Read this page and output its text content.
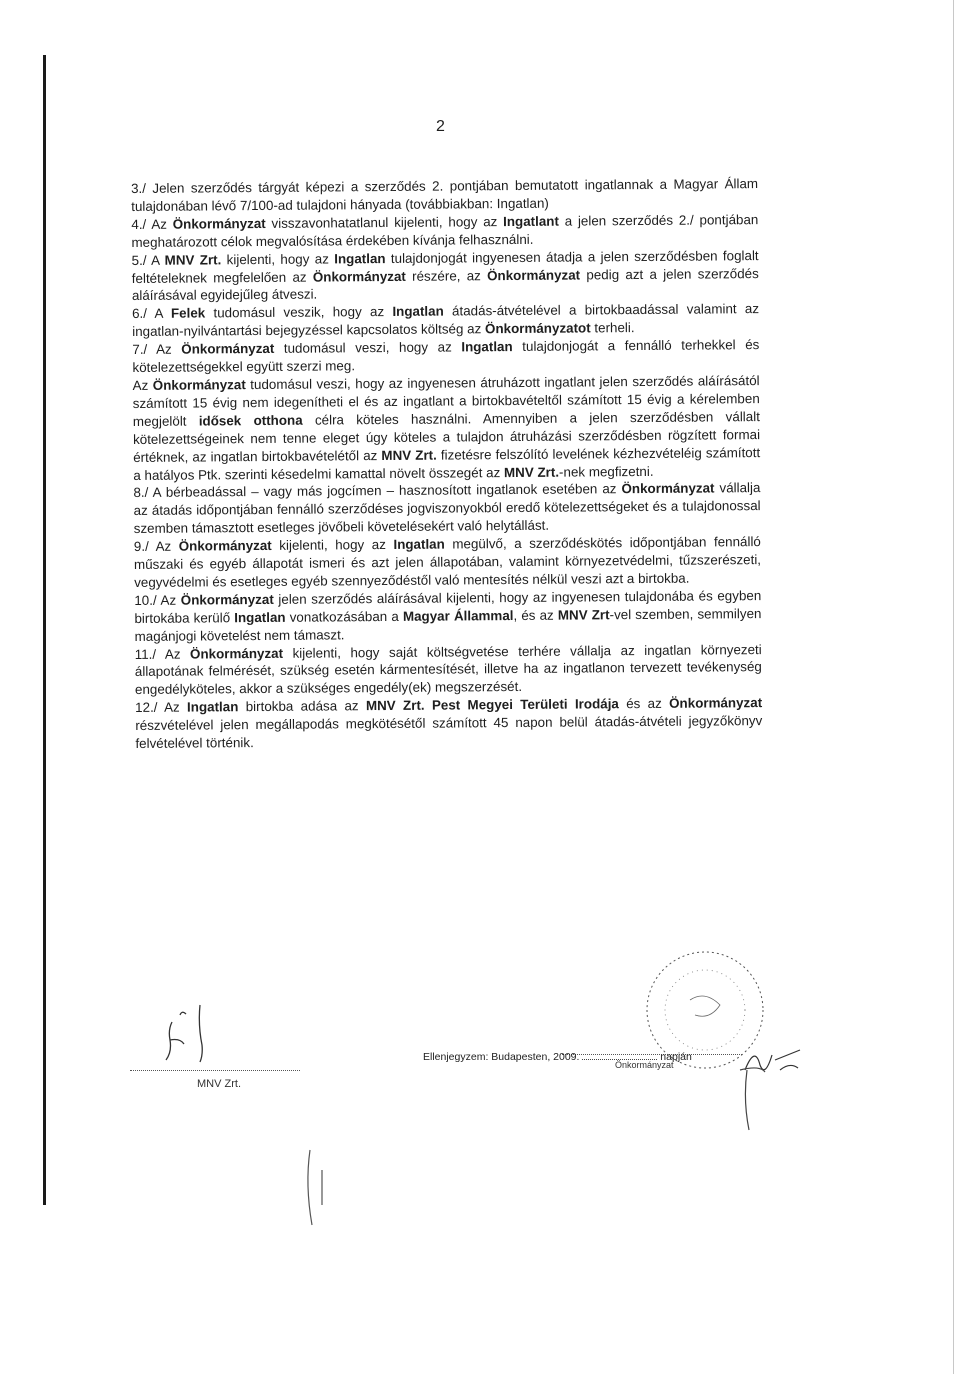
2

3./ Jelen szerződés tárgyát képezi a szerződés 2. pontjában bemutatott ingatlannak a Magyar Állam tulajdonában lévő 7/100-ad tulajdoni hányada (továbbiakban: Ingatlan)

4./ Az Önkormányzat visszavonhatatlanul kijelenti, hogy az Ingatlant a jelen szerződés 2./ pontjában meghatározott célok megvalósítása érdekében kívánja felhasználni.

5./ A MNV Zrt. kijelenti, hogy az Ingatlan tulajdonjogát ingyenesen átadja a jelen szerződésben foglalt feltételeknek megfelelően az Önkormányzat részére, az Önkormányzat pedig azt a jelen szerződés aláírásával egyidejűleg átveszi.

6./ A Felek tudomásul veszik, hogy az Ingatlan átadás-átvételével a birtokbaadással valamint az ingatlan-nyilvántartási bejegyzéssel kapcsolatos költség az Önkormányzatot terheli.

7./ Az Önkormányzat tudomásul veszi, hogy az Ingatlan tulajdonjogát a fennálló terhekkel és kötelezettségekkel együtt szerzi meg.

Az Önkormányzat tudomásul veszi, hogy az ingyenesen átruházott ingatlant jelen szerződés aláírásától számított 15 évig nem idegenítheti el és az ingatlant a birtokbavételtől számított 15 évig a kérelemben megjelölt idősek otthona célra köteles használni. Amennyiben a jelen szerződésben vállalt kötelezettségeinek nem tenne eleget úgy köteles a tulajdon átruházási szerződésben rögzített formai értéknek, az ingatlan birtokbavételétől az MNV Zrt. fizetésre felszólító levelének kézhezvételéig számított a hatályos Ptk. szerinti késedelmi kamattal növelt összegét az MNV Zrt.-nek megfizetni.

8./ A bérbeadással – vagy más jogcímen – hasznosított ingatlanok esetében az Önkormányzat vállalja az átadás időpontjában fennálló szerződéses jogviszonyokból eredő kötelezettségeket és a tulajdonossal szemben támasztott esetleges jövőbeli követelésekért való helytállást.

9./ Az Önkormányzat kijelenti, hogy az Ingatlan megülvő, a szerződéskötés időpontjában fennálló műszaki és egyéb állapotát ismeri és azt jelen állapotában, valamint környezetvédelmi, tűzszerészeti, vegyvédelmi és esetleges egyéb szennyeződéstől való mentesítés nélkül veszi azt a birtokba.

10./ Az Önkormányzat jelen szerződés aláírásával kijelenti, hogy az ingyenesen tulajdonába és egyben birtokába kerülő Ingatlan vonatkozásában a Magyar Állammal, és az MNV Zrt-vel szemben, semmilyen magánjogi követelést nem támaszt.

11./ Az Önkormányzat kijelenti, hogy saját költségvetése terhére vállalja az ingatlan környezeti állapotának felmérését, szükség esetén kármentesítését, illetve ha az ingatlanon tervezett tevékenység engedélyköteles, akkor a szükséges engedély(ek) megszerzését.

12./ Az Ingatlan birtokba adása az MNV Zrt. Pest Megyei Területi Irodája és az Önkormányzat részvételével jelen megállapodás megkötésétől számított 45 napon belül átadás-átvételi jegyzőkönyv felvételével történik.

MNV Zrt.
Önkormányzat
Ellenjegyzem: Budapesten, 2009.	napján
